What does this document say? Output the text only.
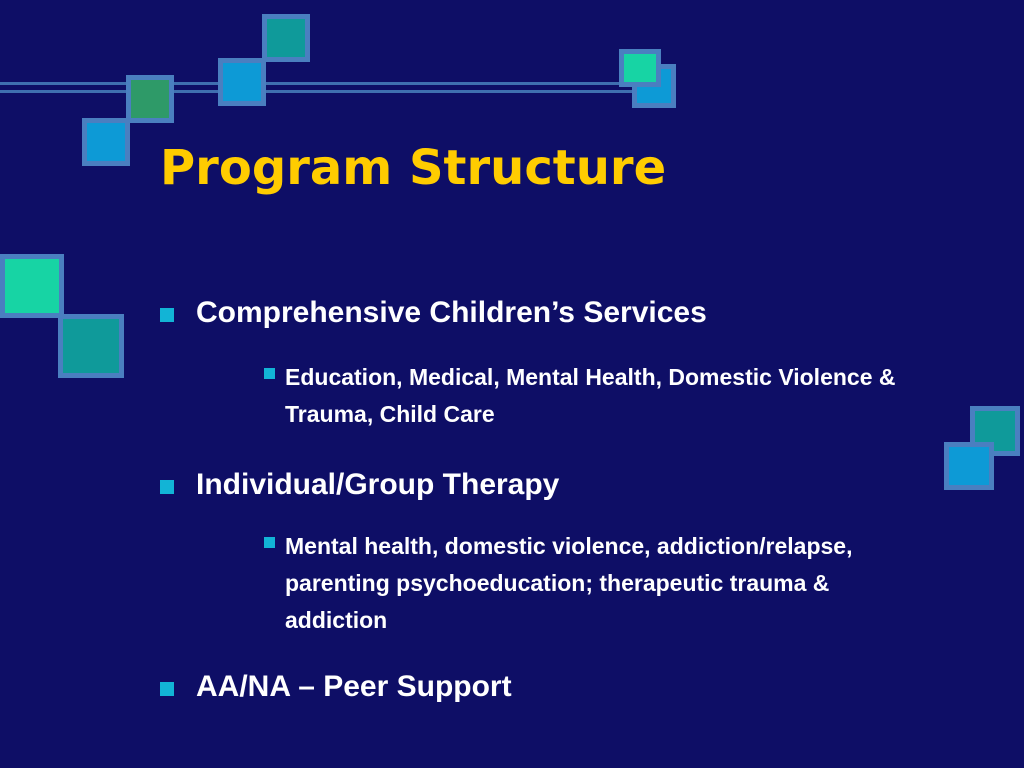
Program Structure
Comprehensive Children’s Services
Education, Medical, Mental Health, Domestic Violence & Trauma, Child Care
Individual/Group Therapy
Mental health, domestic violence, addiction/relapse, parenting psychoeducation; therapeutic trauma & addiction
AA/NA – Peer Support
